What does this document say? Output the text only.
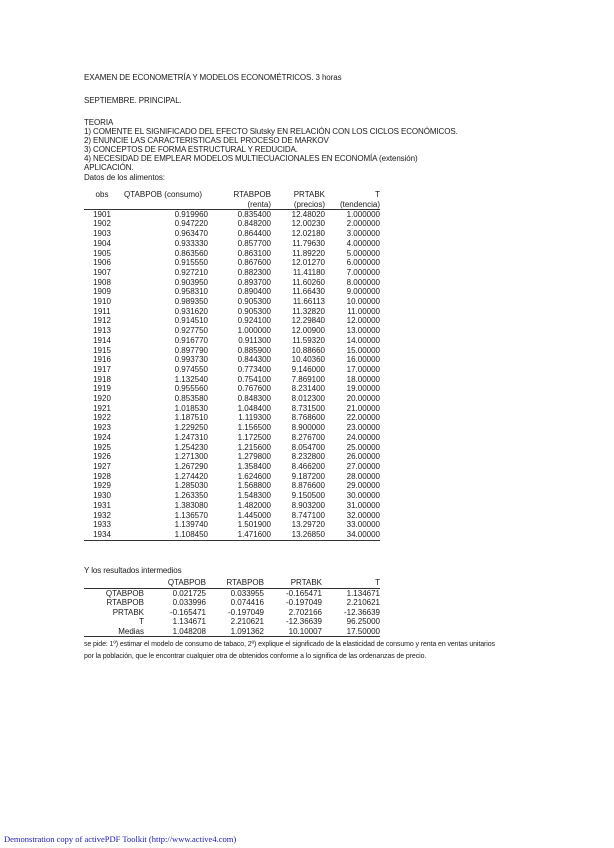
EXAMEN DE ECONOMETRÍA Y MODELOS ECONOMÉTRICOS. 3 horas
SEPTIEMBRE. PRINCIPAL.
TEORIA
1) COMENTE EL SIGNIFICADO DEL EFECTO Slutsky EN RELACIÓN CON LOS CICLOS ECONÓMICOS.
2) ENUNCIE LAS CARACTERISTICAS DEL PROCESO DE MARKOV
3) CONCEPTOS DE FORMA ESTRUCTURAL Y REDUCIDA.
4) NECESIDAD DE EMPLEAR MODELOS MULTIECUACIONALES EN ECONOMÍA (extensión)
APLICACIÓN.
Datos de los alimentos:
obs	QTABPOB (consumo)	RTABPOB	PRTABK	T
		(renta)	(precios)	(tendencia)
1901	0.919960	0.835400	12.48020	1.000000
1902	0.947220	0.848200	12.00230	2.000000
1903	0.963470	0.864400	12.02180	3.000000
1904	0.933330	0.857700	11.79630	4.000000
1905	0.863560	0.863100	11.89220	5.000000
1906	0.915550	0.867600	12.01270	6.000000
1907	0.927210	0.882300	11.41180	7.000000
1908	0.903950	0.893700	11.60260	8.000000
1909	0.958310	0.890400	11.66430	9.000000
1910	0.989350	0.905300	11.66113	10.00000
1911	0.931620	0.905300	11.32820	11.00000
1912	0.914510	0.924100	12.29840	12.00000
1913	0.927750	1.000000	12.00900	13.00000
1914	0.916770	0.911300	11.59320	14.00000
1915	0.897790	0.885900	10.88660	15.00000
1916	0.993730	0.844300	10.40360	16.00000
1917	0.974550	0.773400	9.146000	17.00000
1918	1.132540	0.754100	7.869100	18.00000
1919	0.955560	0.767600	8.231400	19.00000
1920	0.853580	0.848300	8.012300	20.00000
1921	1.018530	1.048400	8.731500	21.00000
1922	1.187510	1.119300	8.768600	22.00000
1923	1.229250	1.156500	8.900000	23.00000
1924	1.247310	1.172500	8.276700	24.00000
1925	1.254230	1.215600	8.054700	25.00000
1926	1.271300	1.279800	8.232800	26.00000
1927	1.267290	1.358400	8.466200	27.00000
1928	1.274420	1.624600	9.187200	28.00000
1929	1.285030	1.568800	8.876600	29.00000
1930	1.263350	1.548300	9.150500	30.00000
1931	1.383080	1.482000	8.903200	31.00000
1932	1.136570	1.445000	8.747100	32.00000
1933	1.139740	1.501900	13.29720	33.00000
1934	1.108450	1.471600	13.26850	34.00000
Y los resultados intermedios
	QTABPOB	RTABPOB	PRTABK	T
QTABPOB	0.021725	0.033955	-0.165471	1.134671
RTABPOB	0.033996	0.074416	-0.197049	2.210621
PRTABK	-0.165471	-0.197049	2.702166	-12.36639
T	1.134671	2.210621	-12.36639	96.25000
Medias	1.048208	1.091362	10.10007	17.50000
se pide: 1º) estimar el modelo de consumo de tabaco, 2º) explique el significado de la elasticidad de consumo y renta en ventas unitarios
por la población, que le encontrar cualquier otra de obtenidos conforme a lo significa de las ordenanzas de precio.
Demonstration copy of activePDF Toolkit (http://www.active4.com)
